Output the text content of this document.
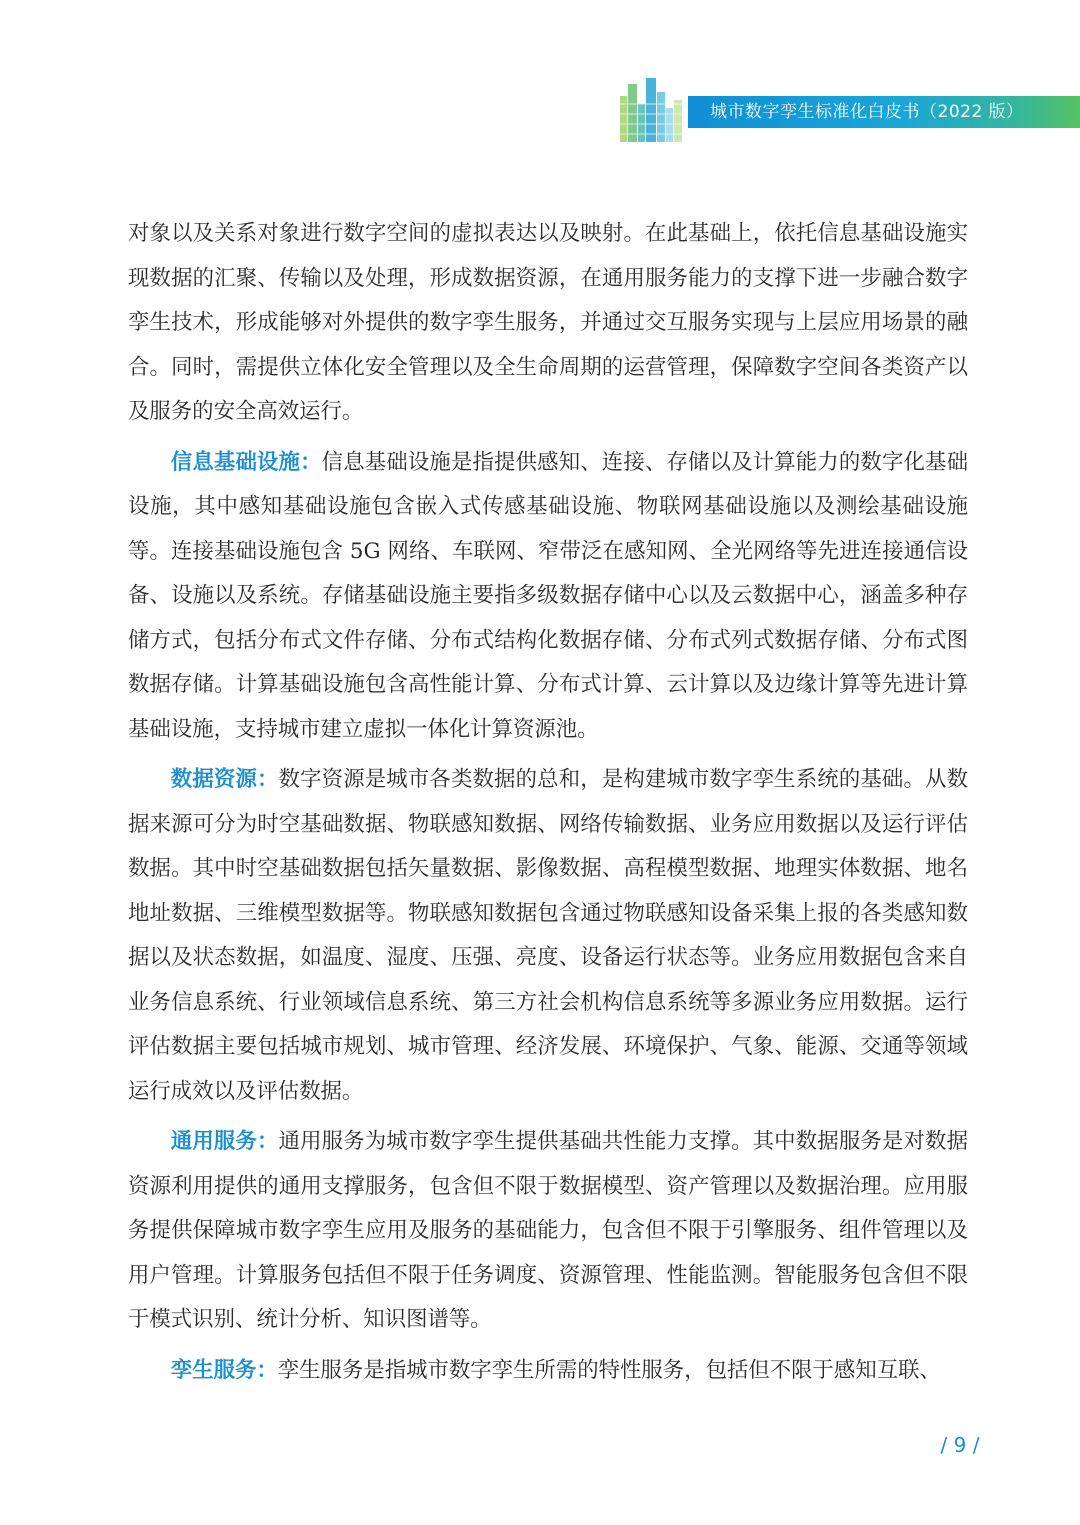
城市数字孪生标准化白皮书（2022 版）

对象以及关系对象进行数字空间的虚拟表达以及映射。在此基础上，依托信息基础设施实现数据的汇聚、传输以及处理，形成数据资源，在通用服务能力的支撑下进一步融合数字孪生技术，形成能够对外提供的数字孪生服务，并通过交互服务实现与上层应用场景的融合。同时，需提供立体化安全管理以及全生命周期的运营管理，保障数字空间各类资产以及服务的安全高效运行。

信息基础设施：信息基础设施是指提供感知、连接、存储以及计算能力的数字化基础设施，其中感知基础设施包含嵌入式传感基础设施、物联网基础设施以及测绘基础设施等。连接基础设施包含 5G 网络、车联网、窄带泛在感知网、全光网络等先进连接通信设备、设施以及系统。存储基础设施主要指多级数据存储中心以及云数据中心，涵盖多种存储方式，包括分布式文件存储、分布式结构化数据存储、分布式列式数据存储、分布式图数据存储。计算基础设施包含高性能计算、分布式计算、云计算以及边缘计算等先进计算基础设施，支持城市建立虚拟一体化计算资源池。

数据资源：数字资源是城市各类数据的总和，是构建城市数字孪生系统的基础。从数据来源可分为时空基础数据、物联感知数据、网络传输数据、业务应用数据以及运行评估数据。其中时空基础数据包括矢量数据、影像数据、高程模型数据、地理实体数据、地名地址数据、三维模型数据等。物联感知数据包含通过物联感知设备采集上报的各类感知数据以及状态数据，如温度、湿度、压强、亮度、设备运行状态等。业务应用数据包含来自业务信息系统、行业领域信息系统、第三方社会机构信息系统等多源业务应用数据。运行评估数据主要包括城市规划、城市管理、经济发展、环境保护、气象、能源、交通等领域运行成效以及评估数据。

通用服务：通用服务为城市数字孪生提供基础共性能力支撑。其中数据服务是对数据资源利用提供的通用支撑服务，包含但不限于数据模型、资产管理以及数据治理。应用服务提供保障城市数字孪生应用及服务的基础能力，包含但不限于引擎服务、组件管理以及用户管理。计算服务包括但不限于任务调度、资源管理、性能监测。智能服务包含但不限于模式识别、统计分析、知识图谱等。

孪生服务：孪生服务是指城市数字孪生所需的特性服务，包括但不限于感知互联、

/ 9 /
